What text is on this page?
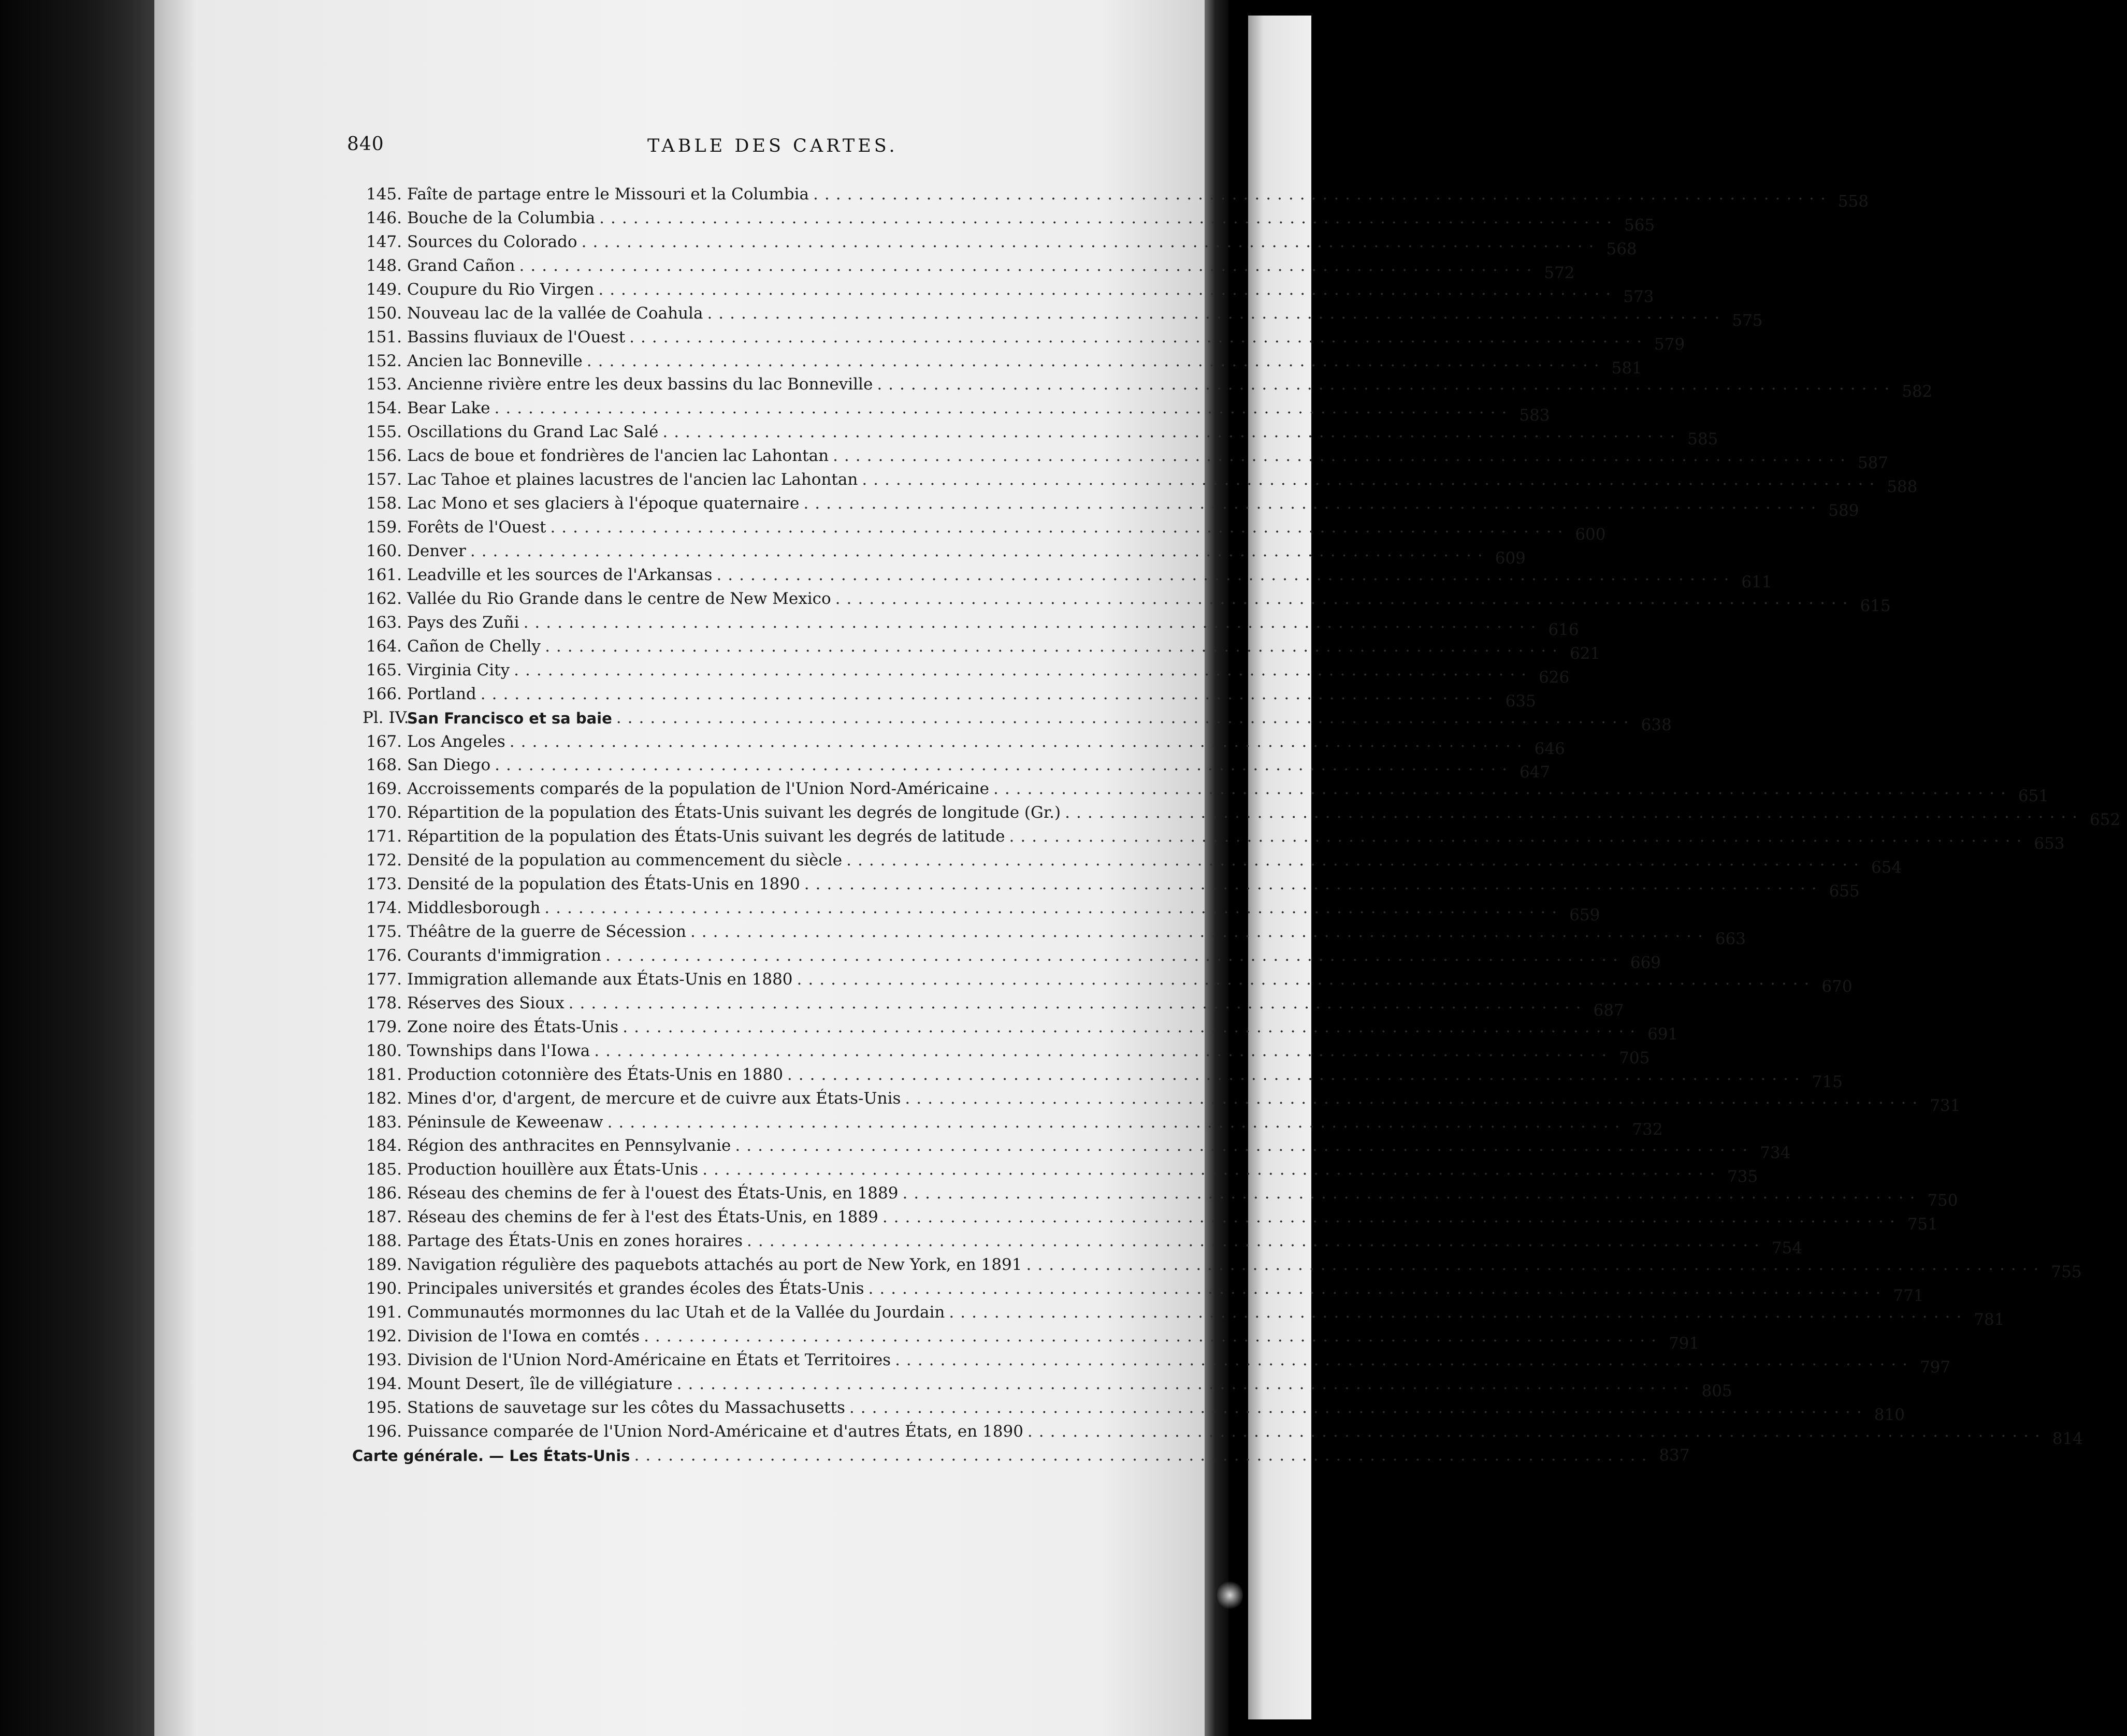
840	TABLE DES CARTES.
145. Faîte de partage entre le Missouri et la Columbia .......................................................................................... 558
146. Bouche de la Columbia .......................................................................................... 565
147. Sources du Colorado .......................................................................................... 568
148. Grand Cañon .......................................................................................... 572
149. Coupure du Rio Virgen .......................................................................................... 573
150. Nouveau lac de la vallée de Coahula .......................................................................................... 575
151. Bassins fluviaux de l'Ouest .......................................................................................... 579
152. Ancien lac Bonneville .......................................................................................... 581
153. Ancienne rivière entre les deux bassins du lac Bonneville .......................................................................................... 582
154. Bear Lake .......................................................................................... 583
155. Oscillations du Grand Lac Salé .......................................................................................... 585
156. Lacs de boue et fondrières de l'ancien lac Lahontan .......................................................................................... 587
157. Lac Tahoe et plaines lacustres de l'ancien lac Lahontan .......................................................................................... 588
158. Lac Mono et ses glaciers à l'époque quaternaire .......................................................................................... 589
159. Forêts de l'Ouest .......................................................................................... 600
160. Denver .......................................................................................... 609
161. Leadville et les sources de l'Arkansas .......................................................................................... 611
162. Vallée du Rio Grande dans le centre de New Mexico .......................................................................................... 615
163. Pays des Zuñi .......................................................................................... 616
164. Cañon de Chelly .......................................................................................... 621
165. Virginia City .......................................................................................... 626
166. Portland .......................................................................................... 635
Pl. IV.
San Francisco et sa baie .......................................................................................... 638
167. Los Angeles .......................................................................................... 646
168. San Diego .......................................................................................... 647
169. Accroissements comparés de la population de l'Union Nord-Américaine .......................................................................................... 651
170. Répartition de la population des États-Unis suivant les degrés de longitude (Gr.) .......................................................................................... 652
171. Répartition de la population des États-Unis suivant les degrés de latitude .......................................................................................... 653
172. Densité de la population au commencement du siècle .......................................................................................... 654
173. Densité de la population des États-Unis en 1890 .......................................................................................... 655
174. Middlesborough .......................................................................................... 659
175. Théâtre de la guerre de Sécession .......................................................................................... 663
176. Courants d'immigration .......................................................................................... 669
177. Immigration allemande aux États-Unis en 1880 .......................................................................................... 670
178. Réserves des Sioux .......................................................................................... 687
179. Zone noire des États-Unis .......................................................................................... 691
180. Townships dans l'Iowa .......................................................................................... 705
181. Production cotonnière des États-Unis en 1880 .......................................................................................... 715
182. Mines d'or, d'argent, de mercure et de cuivre aux États-Unis .......................................................................................... 731
183. Péninsule de Keweenaw .......................................................................................... 732
184. Région des anthracites en Pennsylvanie .......................................................................................... 734
185. Production houillère aux États-Unis .......................................................................................... 735
186. Réseau des chemins de fer à l'ouest des États-Unis, en 1889 .......................................................................................... 750
187. Réseau des chemins de fer à l'est des États-Unis, en 1889 .......................................................................................... 751
188. Partage des États-Unis en zones horaires .......................................................................................... 754
189. Navigation régulière des paquebots attachés au port de New York, en 1891 .......................................................................................... 755
190. Principales universités et grandes écoles des États-Unis .......................................................................................... 771
191. Communautés mormonnes du lac Utah et de la Vallée du Jourdain .......................................................................................... 781
192. Division de l'Iowa en comtés .......................................................................................... 791
193. Division de l'Union Nord-Américaine en États et Territoires .......................................................................................... 797
194. Mount Desert, île de villégiature .......................................................................................... 805
195. Stations de sauvetage sur les côtes du Massachusetts .......................................................................................... 810
196. Puissance comparée de l'Union Nord-Américaine et d'autres États, en 1890 .......................................................................................... 814
Carte générale. — Les États-Unis .......................................................................................... 837
